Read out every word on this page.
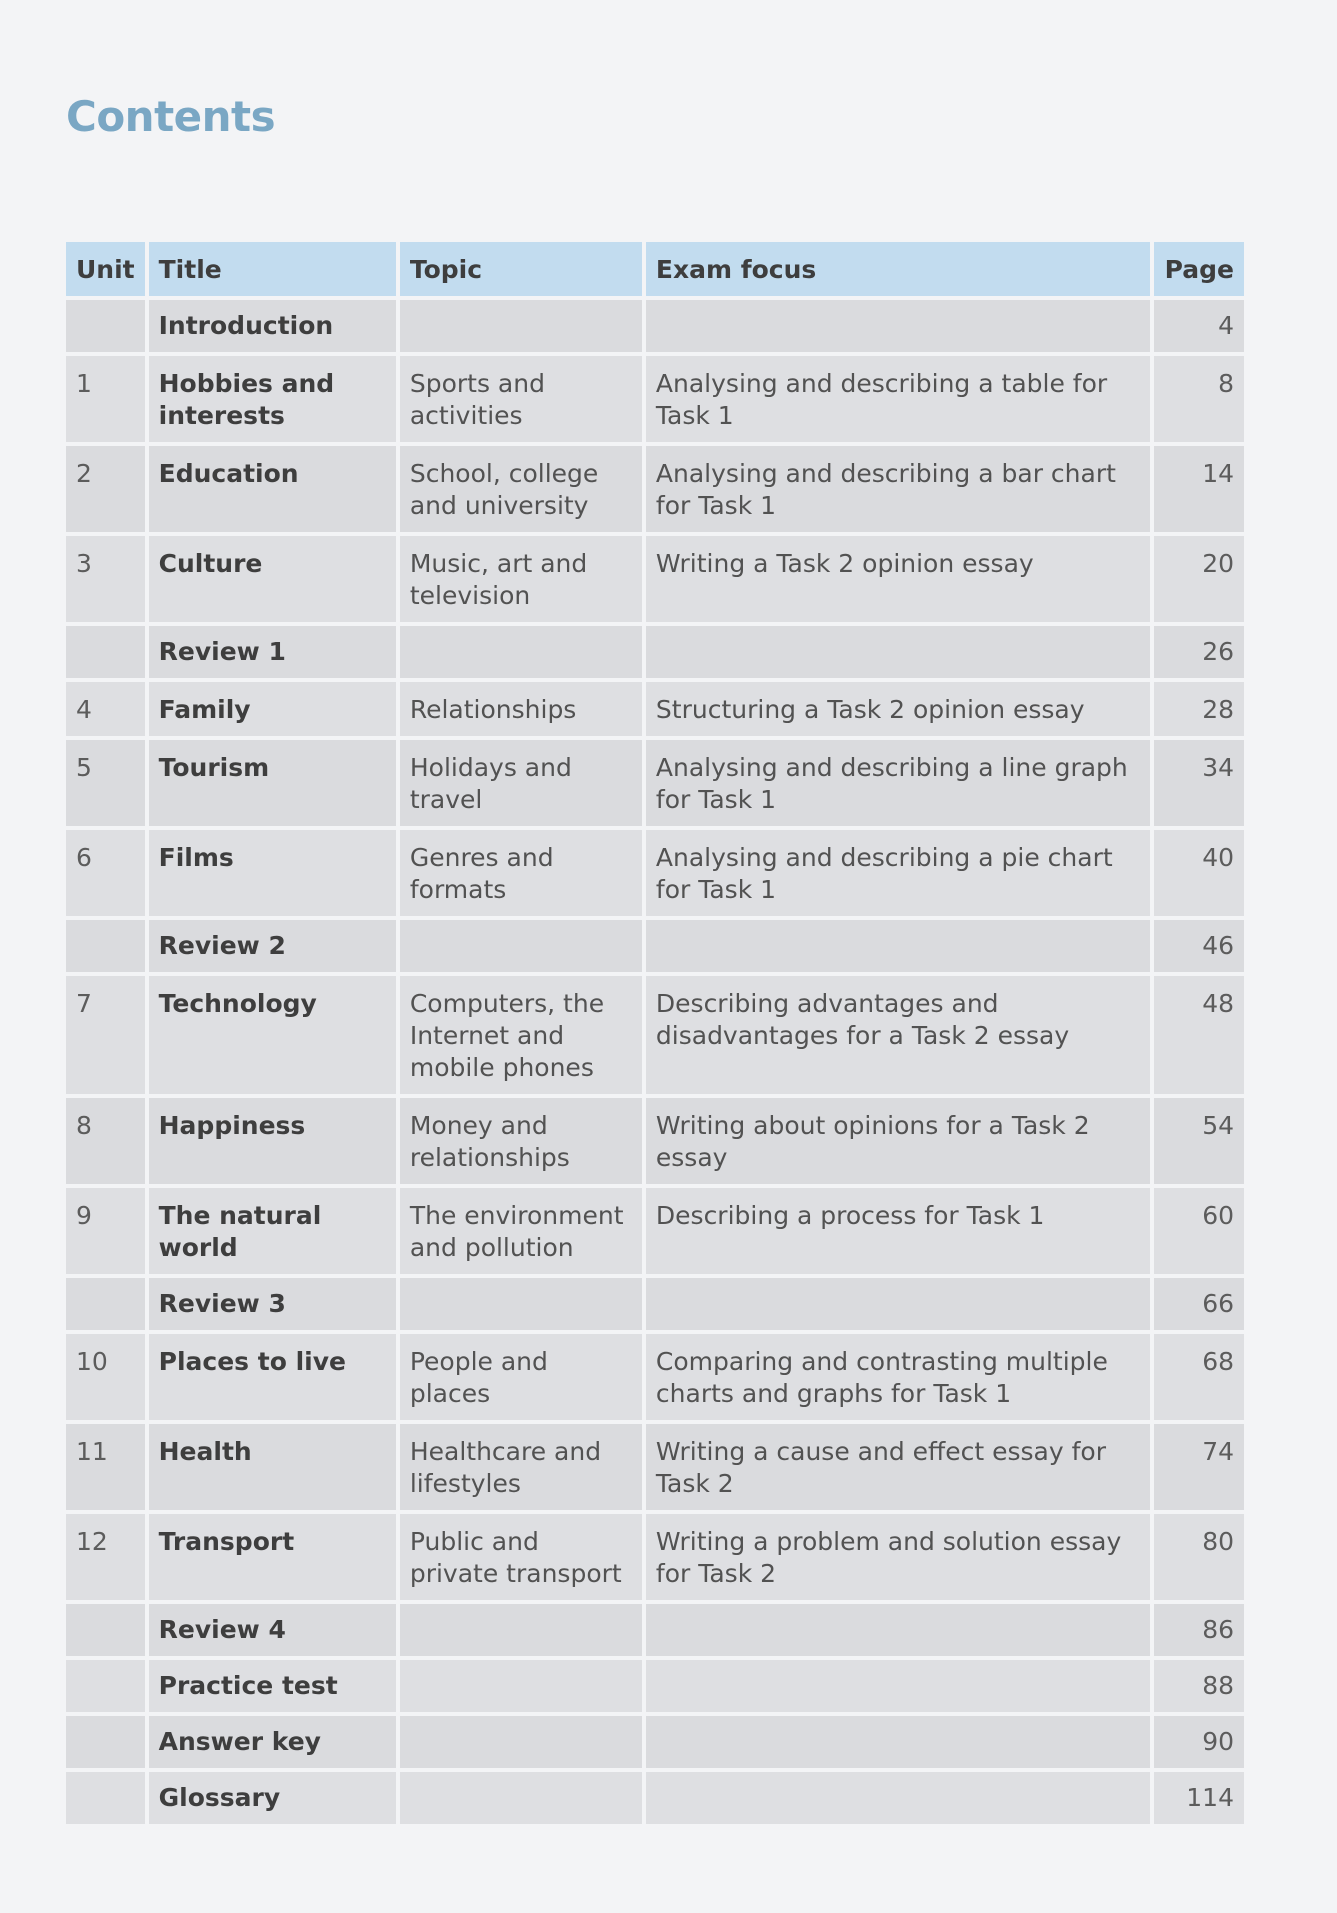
Contents
Unit	Title	Topic	Exam focus	Page
	Introduction			4
1	Hobbies and interests	Sports and activities	Analysing and describing a table for Task 1	8
2	Education	School, college and university	Analysing and describing a bar chart for Task 1	14
3	Culture	Music, art and television	Writing a Task 2 opinion essay	20
	Review 1			26
4	Family	Relationships	Structuring a Task 2 opinion essay	28
5	Tourism	Holidays and travel	Analysing and describing a line graph for Task 1	34
6	Films	Genres and formats	Analysing and describing a pie chart for Task 1	40
	Review 2			46
7	Technology	Computers, the Internet and mobile phones	Describing advantages and disadvantages for a Task 2 essay	48
8	Happiness	Money and relationships	Writing about opinions for a Task 2 essay	54
9	The natural world	The environment and pollution	Describing a process for Task 1	60
	Review 3			66
10	Places to live	People and places	Comparing and contrasting multiple charts and graphs for Task 1	68
11	Health	Healthcare and lifestyles	Writing a cause and effect essay for Task 2	74
12	Transport	Public and private transport	Writing a problem and solution essay for Task 2	80
	Review 4			86
	Practice test			88
	Answer key			90
	Glossary			114
